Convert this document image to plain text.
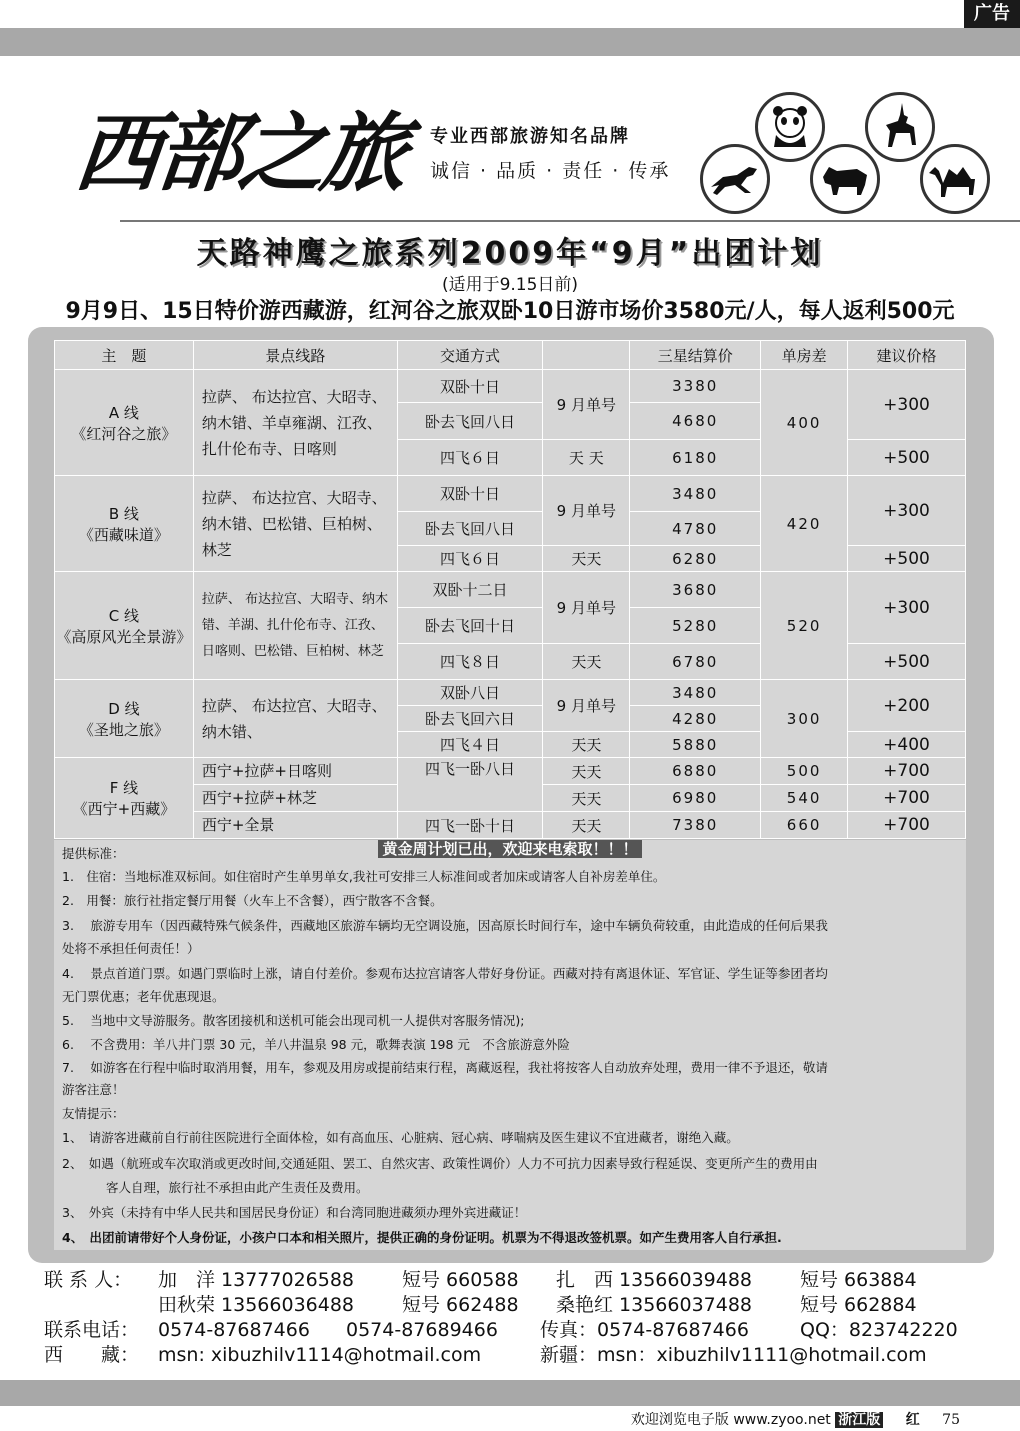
广告
西部之旅 专业西部旅游知名品牌
诚信 · 品质 · 责任 · 传承
天路神鹰之旅系列2009年“9月”出团计划
(适用于9.15日前)
9月9日、15日特价游西藏游，红河谷之旅双卧10日游市场价3580元/人，每人返利500元
主　题	景点线路	交通方式		三星结算价	单房差	建议价格

A 线
《红河谷之旅》	拉萨、 布达拉宫、大昭寺、纳木错、羊卓雍湖、江孜、扎什伦布寺、日喀则	双卧十日	9 月单号	3380	400	+300
		卧去飞回八日		4680		
		四飞６日	天 天	6180		+500

B 线
《西藏味道》	拉萨、 布达拉宫、大昭寺、纳木错、巴松错、巨柏树、林芝	双卧十日	9 月单号	3480	420	+300
		卧去飞回八日		4780		
		四飞６日	天天	6280		+500

C 线
《高原风光全景游》	拉萨、 布达拉宫、大昭寺、纳木错、羊湖、扎什伦布寺、江孜、日喀则、巴松错、巨柏树、林芝	双卧十二日	9 月单号	3680	520	+300
		卧去飞回十日		5280		
		四飞８日	天天	6780		+500

D 线
《圣地之旅》	拉萨、 布达拉宫、大昭寺、纳木错、	双卧八日	9 月单号	3480	300	+200
		卧去飞回六日		4280		
		四飞４日	天天	5880		+400

F 线
《西宁+西藏》	西宁+拉萨+日喀则	四飞一卧八日	天天	6880	500	+700
	西宁+拉萨+林芝		天天	6980	540	+700
	西宁+全景	四飞一卧十日	天天	7380	660	+700
提供标准：
1.　住宿：当地标准双标间。如住宿时产生单男单女,我社可安排三人标准间或者加床或请客人自补房差单住。
2.　用餐：旅行社指定餐厅用餐（火车上不含餐），西宁散客不含餐。
3.　 旅游专用车（因西藏特殊气候条件，西藏地区旅游车辆均无空调设施，因高原长时间行车，途中车辆负荷较重，由此造成的任何后果我
处将不承担任何责任！）
4.　 景点首道门票。如遇门票临时上涨，请自付差价。参观布达拉宫请客人带好身份证。西藏对持有离退休证、军官证、学生证等参团者均
无门票优惠；老年优惠现退。
5.　 当地中文导游服务。散客团接机和送机可能会出现司机一人提供对客服务情况);
6.　 不含费用：羊八井门票 30 元，羊八井温泉 98 元，歌舞表演 198 元　不含旅游意外险
7.　 如游客在行程中临时取消用餐，用车，参观及用房或提前结束行程，离藏返程，我社将按客人自动放弃处理，费用一律不予退还，敬请
游客注意！
友情提示：
1、　请游客进藏前自行前往医院进行全面体检，如有高血压、心脏病、冠心病、哮喘病及医生建议不宜进藏者，谢绝入藏。
2、　如遇（航班或车次取消或更改时间,交通延阻、罢工、自然灾害、政策性调价）人力不可抗力因素导致行程延误、变更所产生的费用由
客人自理，旅行社不承担由此产生责任及费用。
3、　外宾（未持有中华人民共和国居民身份证）和台湾同胞进藏须办理外宾进藏证！
4、　出团前请带好个人身份证，小孩户口本和相关照片，提供正确的身份证明。机票为不得退改签机票。如产生费用客人自行承担.
黄金周计划已出，欢迎来电索取！！！
联 系 人： 加　洋 13777026588	短号 660588 扎　西 13566039488	短号 663884
田秋荣 13566036488	短号 662488 桑艳红 13566037488	短号 662884
联系电话： 0574-87687466 0574-87689466 传真：0574-87687466	QQ：823742220
西　　藏： msn: xibuzhilv1114@hotmail.com	新疆：msn：xibuzhilv1111@hotmail.com
欢迎浏览电子版 www.zyoo.net 浙江版 红 75
